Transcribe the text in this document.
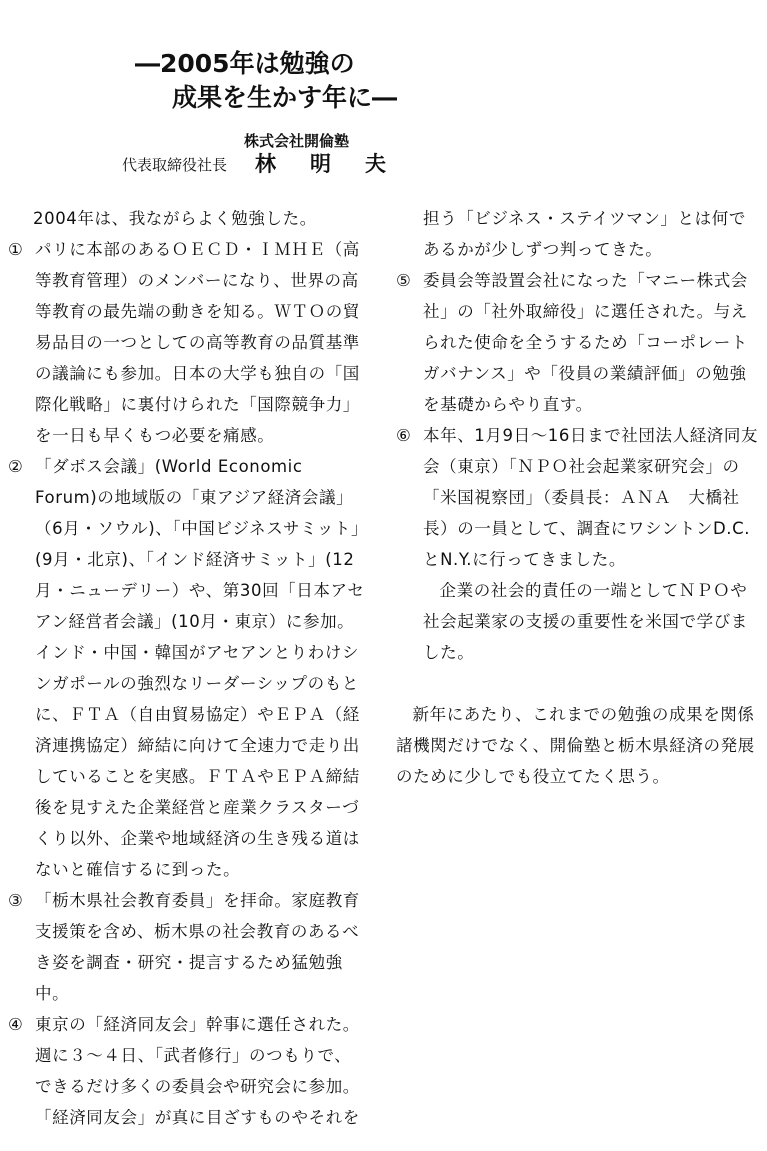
―2005年は勉強の
成果を生かす年に―
株式会社開倫塾
代表取締役社長 林明夫

2004年は、我ながらよく勉強した。

① パリに本部のあるＯＥＣＤ・ＩＭＨＥ（高等教育管理）のメンバーになり、世界の高等教育の最先端の動きを知る。ＷＴＯの貿易品目の一つとしての高等教育の品質基準の議論にも参加。日本の大学も独自の「国際化戦略」に裏付けられた「国際競争力」を一日も早くもつ必要を痛感。
② 「ダボス会議」(World Economic Forum)の地域版の「東アジア経済会議」（6月・ソウル)、「中国ビジネスサミット」(9月・北京)、「インド経済サミット」(12月・ニューデリー）や、第30回「日本アセアン経営者会議」(10月・東京）に参加。インド・中国・韓国がアセアンとりわけシンガポールの強烈なリーダーシップのもとに、ＦＴＡ（自由貿易協定）やＥＰＡ（経済連携協定）締結に向けて全速力で走り出していることを実感。ＦＴＡやＥＰＡ締結後を見すえた企業経営と産業クラスターづくり以外、企業や地域経済の生き残る道はないと確信するに到った。
③ 「栃木県社会教育委員」を拝命。家庭教育支援策を含め、栃木県の社会教育のあるべき姿を調査・研究・提言するため猛勉強中。
④ 東京の「経済同友会」幹事に選任された。週に３～４日、「武者修行」のつもりで、できるだけ多くの委員会や研究会に参加。「経済同友会」が真に目ざすものやそれを

担う「ビジネス・ステイツマン」とは何であるかが少しずつ判ってきた。

⑤ 委員会等設置会社になった「マニー株式会社」の「社外取締役」に選任された。与えられた使命を全うするため「コーポレートガバナンス」や「役員の業績評価」の勉強を基礎からやり直す。
⑥ 本年、1月9日～16日まで社団法人経済同友会（東京）「ＮＰＯ社会起業家研究会」の「米国視察団」（委員長：ＡＮＡ　大橋社長）の一員として、調査にワシントンD.C.とN.Y.に行ってきました。

企業の社会的責任の一端としてＮＰＯや社会起業家の支援の重要性を米国で学びました。

新年にあたり、これまでの勉強の成果を関係諸機関だけでなく、開倫塾と栃木県経済の発展のために少しでも役立てたく思う。
